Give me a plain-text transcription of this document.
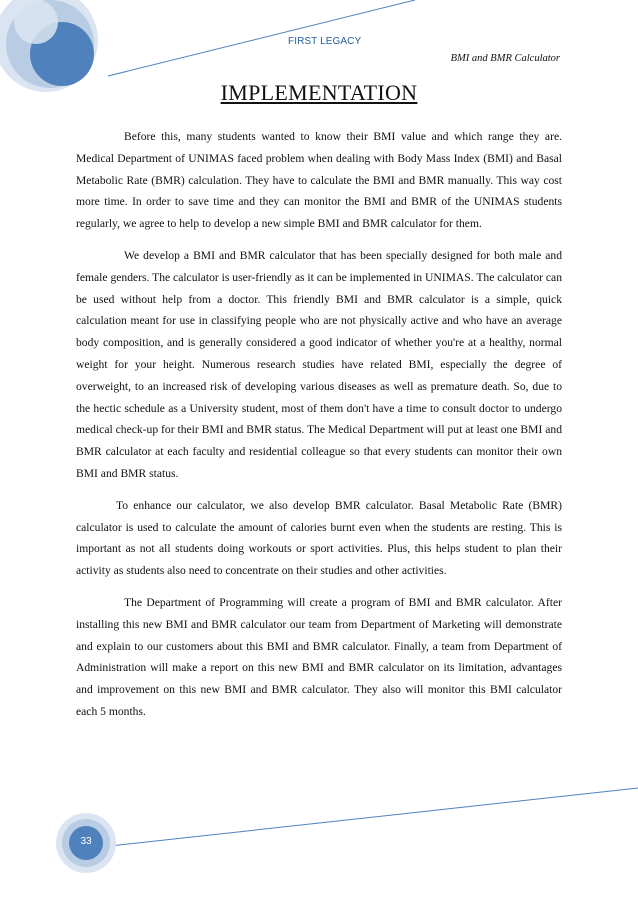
FIRST LEGACY
BMI and BMR Calculator
IMPLEMENTATION

Before this, many students wanted to know their BMI value and which range they are. Medical Department of UNIMAS faced problem when dealing with Body Mass Index (BMI) and Basal Metabolic Rate (BMR) calculation. They have to calculate the BMI and BMR manually. This way cost more time. In order to save time and they can monitor the BMI and BMR of the UNIMAS students regularly, we agree to help to develop a new simple BMI and BMR calculator for them.

We develop a BMI and BMR calculator that has been specially designed for both male and female genders. The calculator is user-friendly as it can be implemented in UNIMAS. The calculator can be used without help from a doctor. This friendly BMI and BMR calculator is a simple, quick calculation meant for use in classifying people who are not physically active and who have an average body composition, and is generally considered a good indicator of whether you're at a healthy, normal weight for your height. Numerous research studies have related BMI, especially the degree of overweight, to an increased risk of developing various diseases as well as premature death. So, due to the hectic schedule as a University student, most of them don't have a time to consult doctor to undergo medical check-up for their BMI and BMR status. The Medical Department will put at least one BMI and BMR calculator at each faculty and residential colleague so that every students can monitor their own BMI and BMR status.

To enhance our calculator, we also develop BMR calculator. Basal Metabolic Rate (BMR) calculator is used to calculate the amount of calories burnt even when the students are resting. This is important as not all students doing workouts or sport activities. Plus, this helps student to plan their activity as students also need to concentrate on their studies and other activities.

The Department of Programming will create a program of BMI and BMR calculator. After installing this new BMI and BMR calculator our team from Department of Marketing will demonstrate and explain to our customers about this BMI and BMR calculator. Finally, a team from Department of Administration will make a report on this new BMI and BMR calculator on its limitation, advantages and improvement on this new BMI and BMR calculator. They also will monitor this BMI calculator each 5 months.

33
